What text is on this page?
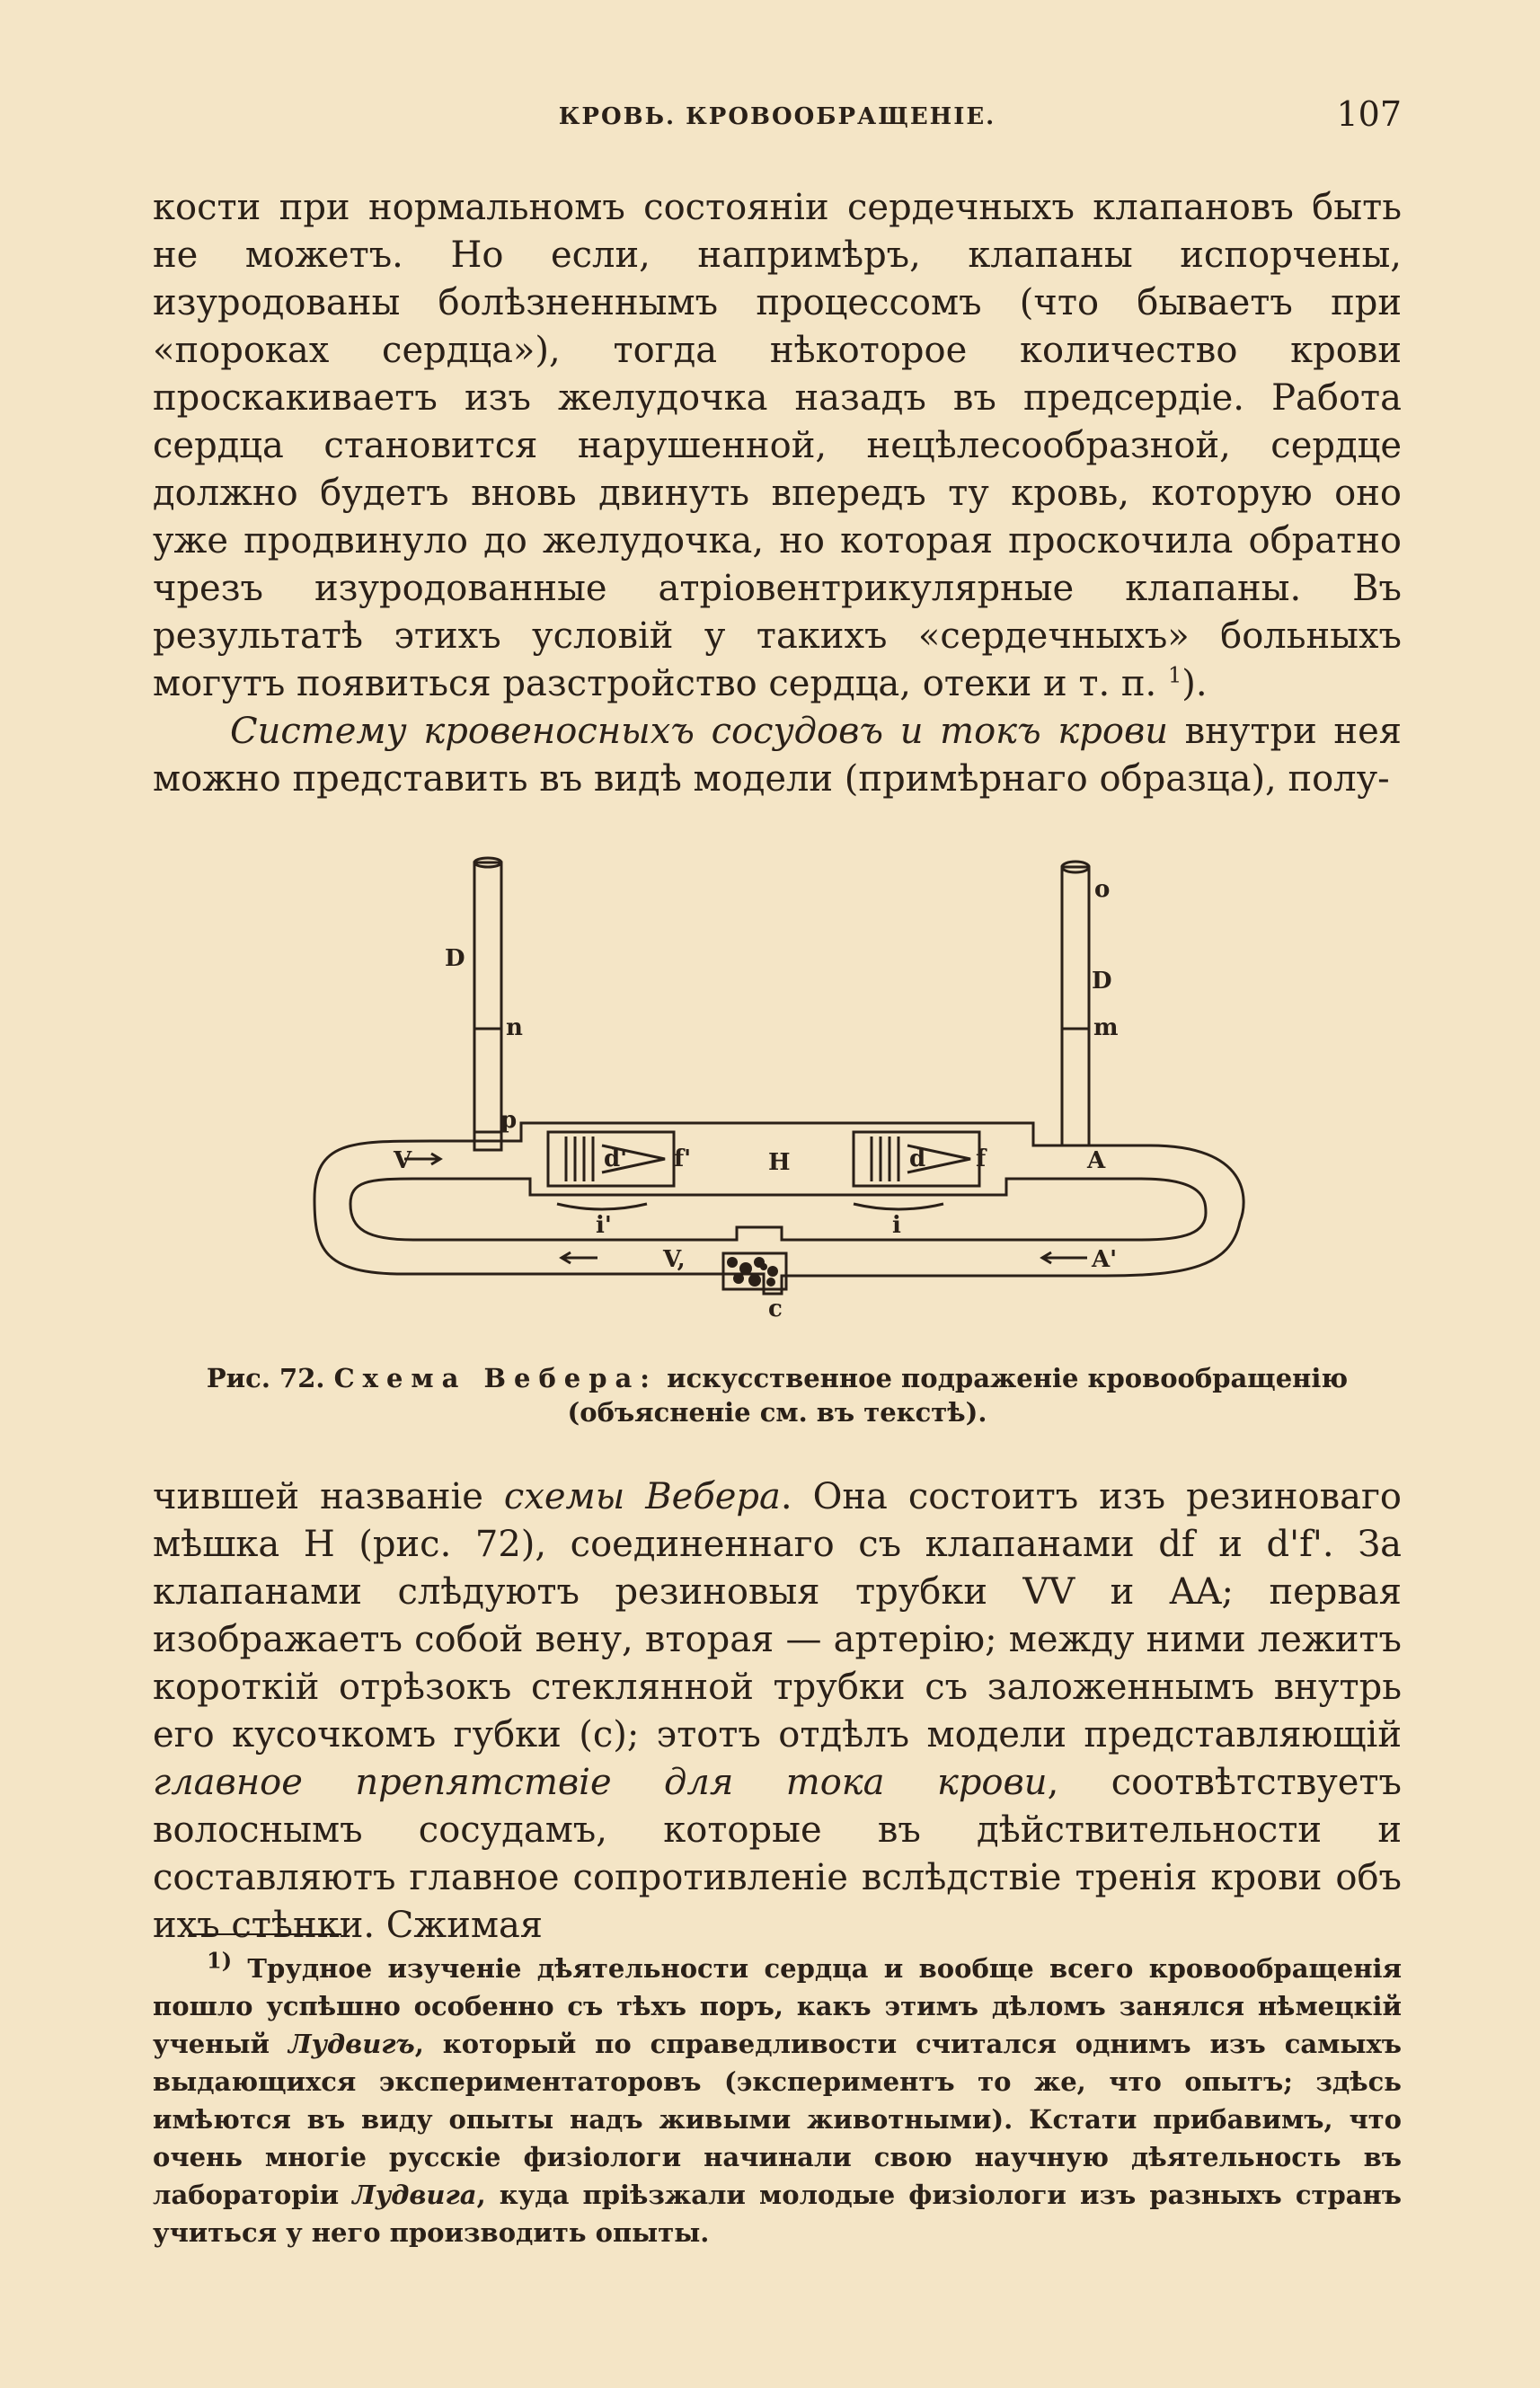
КРОВЬ. КРОВООБРАЩЕНІЕ.	107

кости при нормальномъ состояніи сердечныхъ клапановъ быть не можетъ. Но если, напримѣръ, клапаны испорчены, изуродованы болѣзненнымъ процессомъ (что бываетъ при «пороках сердца»), тогда нѣкоторое количество крови проскакиваетъ изъ желудочка назадъ въ предсердіе. Работа сердца становится нарушенной, нецѣлесообразной, сердце должно будетъ вновь двинуть впередъ ту кровь, которую оно уже продвинуло до желудочка, но которая проскочила обратно чрезъ изуродованные атріовентрикулярные клапаны. Въ результатѣ этихъ условій у такихъ «сердечныхъ» больныхъ могутъ появиться разстройство сердца, отеки и т. п. $^1$).

Систему кровеносныхъ сосудовъ и токъ крови внутри нея можно представить въ видѣ модели (примѣрнаго образца), полу-

D
n
p
V	d' f'	H
i'
d f
i
o
D
m
A
V,
c
A'
Рис. 72. Схема Вебера: искусственное подраженіе кровообращенію (объясненіе см. въ текстѣ).

чившей названіе схемы Вебера. Она состоитъ изъ резиноваго мѣшка H (рис. 72), соединеннаго съ клапанами df и d'f'. За клапанами слѣдуютъ резиновыя трубки VV и AA; первая изображаетъ собой вену, вторая — артерію; между ними лежитъ короткій отрѣзокъ стеклянной трубки съ заложеннымъ внутрь его кусочкомъ губки (с); этотъ отдѣлъ модели представляющій главное препятствіе для тока крови, соотвѣтствуетъ волоснымъ сосудамъ, которые въ дѣйствительности и составляютъ главное сопротивленіе вслѣдствіе тренія крови объ ихъ стѣнки. Сжимая

$^{1)}$ Трудное изученіе дѣятельности сердца и вообще всего кровообращенія пошло успѣшно особенно съ тѣхъ поръ, какъ этимъ дѣломъ занялся нѣмецкій ученый Лудвигъ, который по справедливости считался однимъ изъ самыхъ выдающихся экспериментаторовъ (экспериментъ то же, что опытъ; здѣсь имѣются въ виду опыты надъ живыми животными). Кстати прибавимъ, что очень многіе русскіе физіологи начинали свою научную дѣятельность въ лабораторіи Лудвига, куда пріѣзжали молодые физіологи изъ разныхъ странъ учиться у него производить опыты.
